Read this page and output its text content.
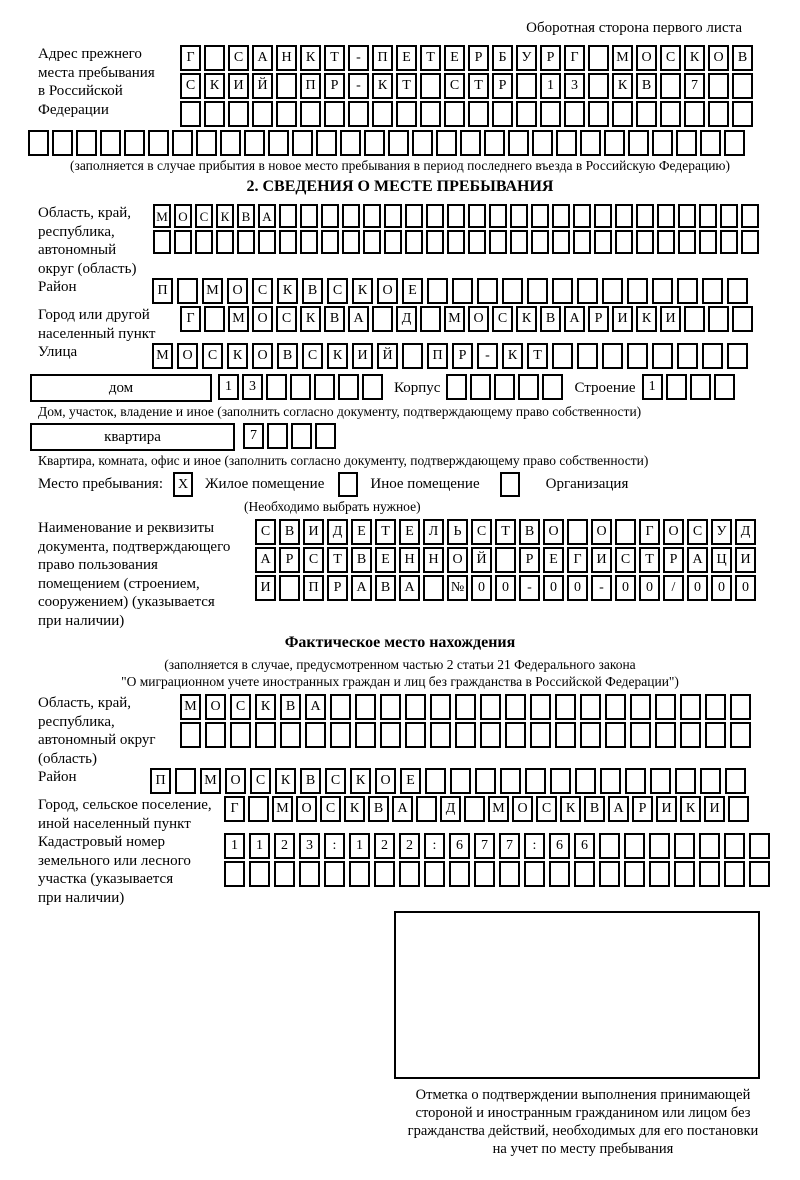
Оборотная сторона первого листа
Адрес прежнего
места пребывания
в Российской
Федерации
Г	С	А Н	К	Т	-	П	Е	Т	Е	Р	Б	У	Р	Г	М О	С	К	О	В
С	К	И Й	П	Р	-	К	Т	С	Т	Р	1	3	К	В	7
(заполняется в случае прибытия в новое место пребывания в период последнего въезда в Российскую Федерацию)
2. СВЕДЕНИЯ О МЕСТЕ ПРЕБЫВАНИЯ
Область, край,
республика,
автономный
округ (область)
М О С К В А
Район	П	М О	С	К	В	С	К	О	Е
Город или другой
населенный пункт
Г	М О	С	К	В	А	Д	М О	С	К	В	А	Р	И	К	И
Улица	М О	С	К	О	В	С	К	И	Й	П	Р	-	К	Т
дом	1	3	Корпус	Строение 1
Дом, участок, владение и иное (заполнить согласно документу, подтверждающему право собственности)
квартира	7
Квартира, комната, офис и иное (заполнить согласно документу, подтверждающему право собственности)
Место пребывания:	X	Жилое помещение	Иное помещение	Организация
(Необходимо выбрать нужное)
Наименование и реквизиты
документа, подтверждающего
право пользования
помещением (строением,
сооружением) (указывается
при наличии)
С	В	И	Д	Е	Т	Е	Л	Ь	С	Т	В	О	О	Г	О	С	У	Д
А	Р	С	Т	В	Е	Н Н О Й	Р	Е	Г	И	С	Т	Р	А Ц И
И	П	Р	А	В	А	№ 0	0	-	0	0	-	0	0	/	0	0	0
Фактическое место нахождения
(заполняется в случае, предусмотренном частью 2 статьи 21 Федерального закона
"О миграционном учете иностранных граждан и лиц без гражданства в Российской Федерации")
Область, край,
республика,
автономный округ
(область)
М О	С	К	В	А
Район	П	М О	С	К	В	С	К	О	Е
Город, сельское поселение,
иной населенный пункт
Г	М О	С	К	В	А	Д	М О	С	К	В	А	Р	И	К	И
Кадастровый номер
земельного или лесного
участка (указывается
при наличии)
1	1	2	3	:	1	2	2	:	6	7	7	:	6	6
Отметка о подтверждении выполнения принимающей
стороной и иностранным гражданином или лицом без
гражданства действий, необходимых для его постановки
на учет по месту пребывания
